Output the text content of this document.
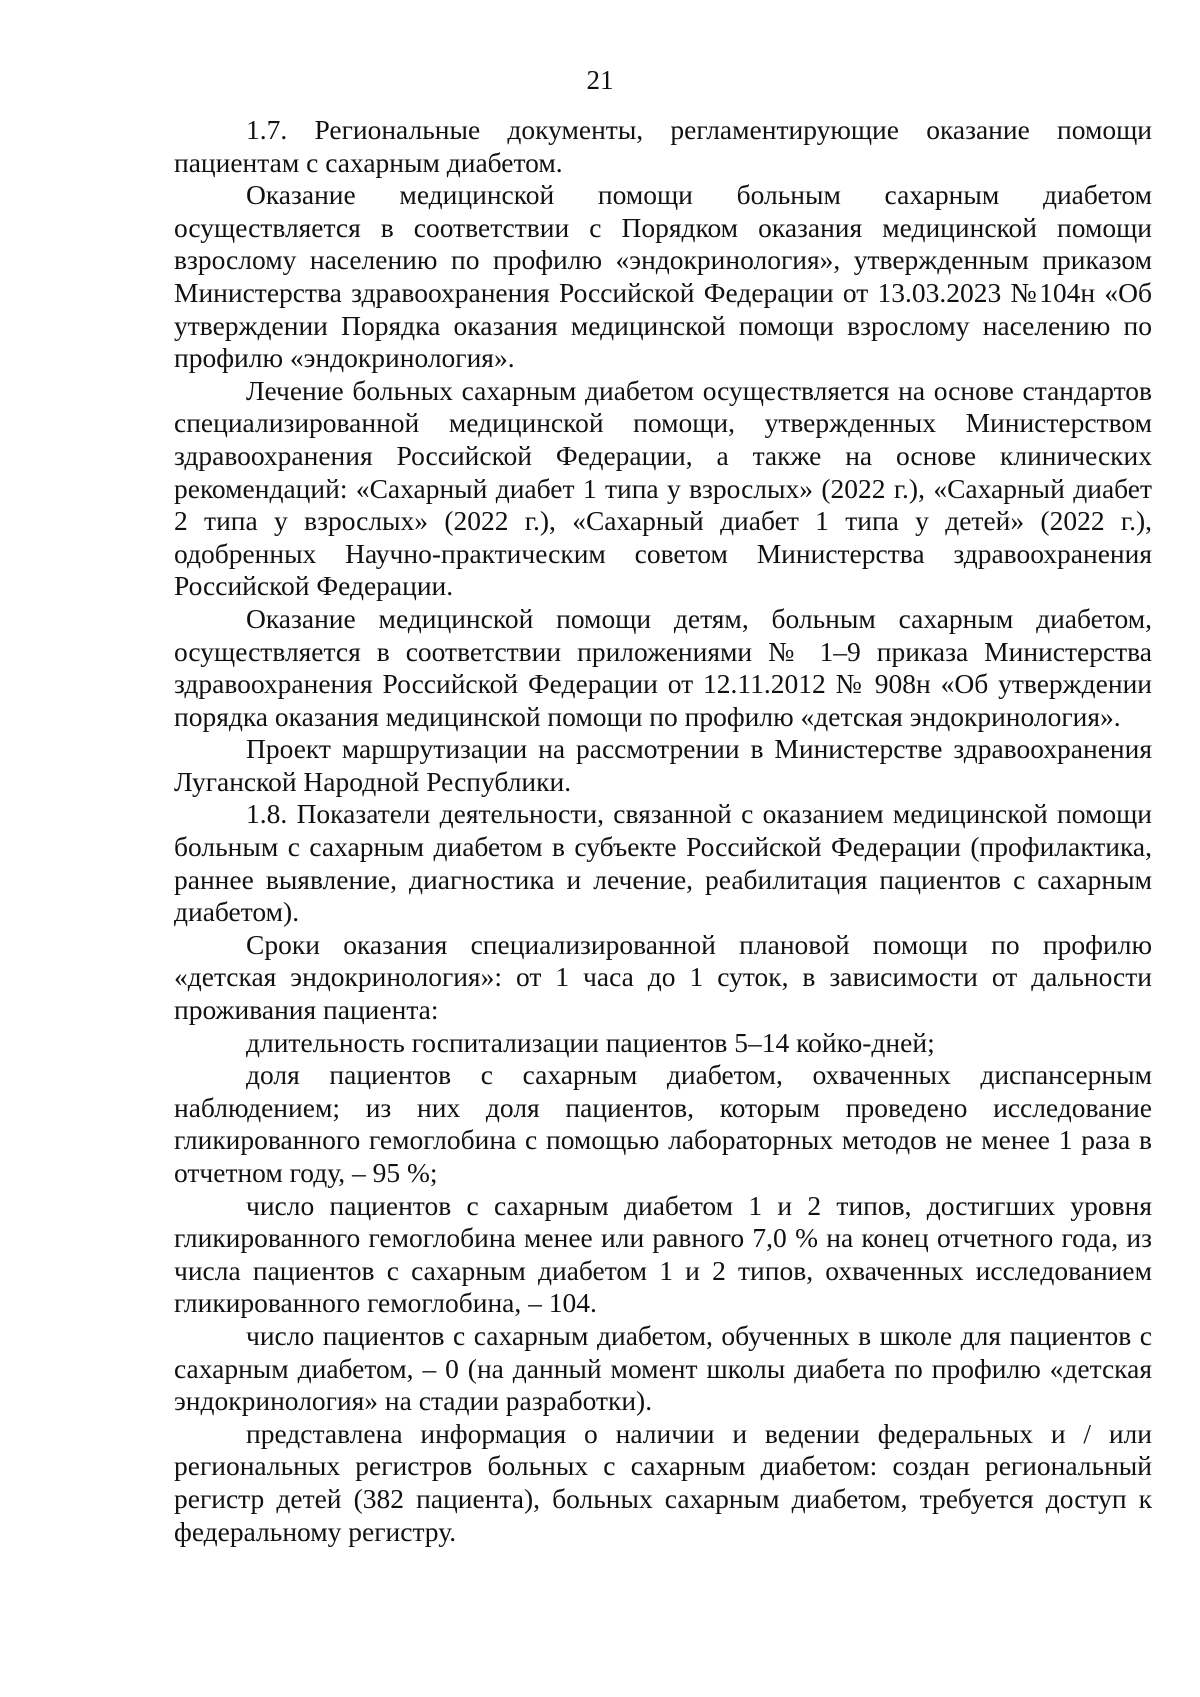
21

1.7. Региональные документы, регламентирующие оказание помощи пациентам с сахарным диабетом.

Оказание медицинской помощи больным сахарным диабетом осуществляется в соответствии с Порядком оказания медицинской помощи взрослому населению по профилю «эндокринология», утвержденным приказом Министерства здравоохранения Российской Федерации от 13.03.2023 №104н «Об утверждении Порядка оказания медицинской помощи взрослому населению по профилю «эндокринология».

Лечение больных сахарным диабетом осуществляется на основе стандартов специализированной медицинской помощи, утвержденных Министерством здравоохранения Российской Федерации, а также на основе клинических рекомендаций: «Сахарный диабет 1 типа у взрослых» (2022 г.), «Сахарный диабет 2 типа у взрослых» (2022 г.), «Сахарный диабет 1 типа у детей» (2022 г.), одобренных Научно-практическим советом Министерства здравоохранения Российской Федерации.

Оказание медицинской помощи детям, больным сахарным диабетом, осуществляется в соответствии приложениями № 1–9 приказа Министерства здравоохранения Российской Федерации от 12.11.2012 № 908н «Об утверждении порядка оказания медицинской помощи по профилю «детская эндокринология».

Проект маршрутизации на рассмотрении в Министерстве здравоохранения Луганской Народной Республики.

1.8. Показатели деятельности, связанной с оказанием медицинской помощи больным с сахарным диабетом в субъекте Российской Федерации (профилактика, раннее выявление, диагностика и лечение, реабилитация пациентов с сахарным диабетом).

Сроки оказания специализированной плановой помощи по профилю «детская эндокринология»: от 1 часа до 1 суток, в зависимости от дальности проживания пациента:

длительность госпитализации пациентов 5–14 койко-дней;

доля пациентов с сахарным диабетом, охваченных диспансерным наблюдением; из них доля пациентов, которым проведено исследование гликированного гемоглобина с помощью лабораторных методов не менее 1 раза в отчетном году, – 95 %;

число пациентов с сахарным диабетом 1 и 2 типов, достигших уровня гликированного гемоглобина менее или равного 7,0 % на конец отчетного года, из числа пациентов с сахарным диабетом 1 и 2 типов, охваченных исследованием гликированного гемоглобина, – 104.

число пациентов с сахарным диабетом, обученных в школе для пациентов с сахарным диабетом, – 0 (на данный момент школы диабета по профилю «детская эндокринология» на стадии разработки).

представлена информация о наличии и ведении федеральных и / или региональных регистров больных с сахарным диабетом: создан региональный регистр детей (382 пациента), больных сахарным диабетом, требуется доступ к федеральному регистру.
